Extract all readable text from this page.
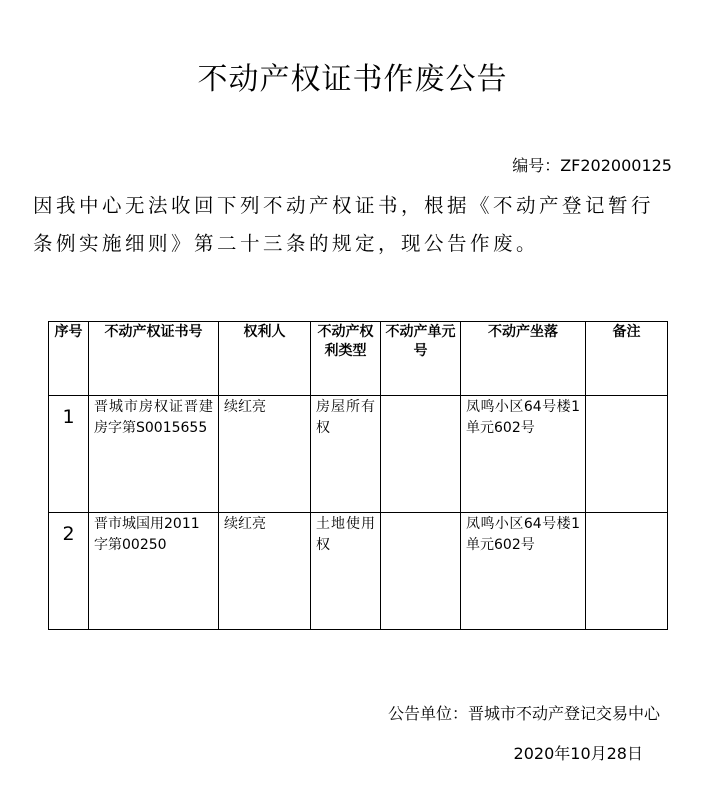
不动产权证书作废公告
编号：ZF202000125
因我中心无法收回下列不动产权证书，根据《不动产登记暂行条例实施细则》第二十三条的规定，现公告作废。
序号	不动产权证书号	权利人	不动产权利类型	不动产单元号	不动产坐落	备注
1	晋城市房权证晋建房字第S0015655	续红亮	房屋所有权		凤鸣小区64号楼1单元602号	
2	晋市城国用2011字第00250	续红亮	土地使用权		凤鸣小区64号楼1单元602号	
公告单位：晋城市不动产登记交易中心
2020年10月28日
